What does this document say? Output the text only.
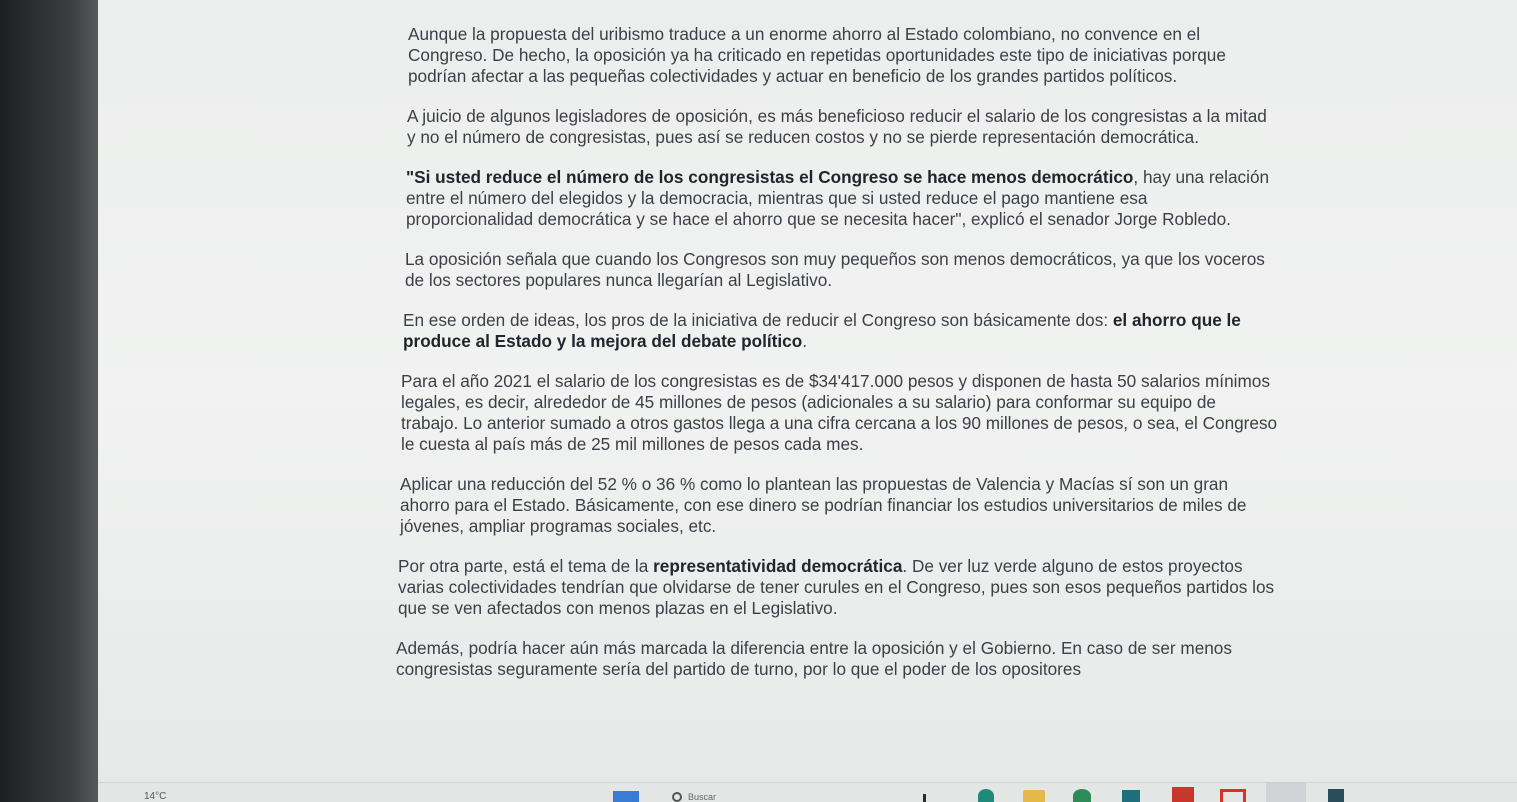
Aunque la propuesta del uribismo traduce a un enorme ahorro al Estado colombiano, no convence en el Congreso. De hecho, la oposición ya ha criticado en repetidas oportunidades este tipo de iniciativas porque podrían afectar a las pequeñas colectividades y actuar en beneficio de los grandes partidos políticos.

A juicio de algunos legisladores de oposición, es más beneficioso reducir el salario de los congresistas a la mitad y no el número de congresistas, pues así se reducen costos y no se pierde representación democrática.

"Si usted reduce el número de los congresistas el Congreso se hace menos democrático, hay una relación entre el número del elegidos y la democracia, mientras que si usted reduce el pago mantiene esa proporcionalidad democrática y se hace el ahorro que se necesita hacer", explicó el senador Jorge Robledo.

La oposición señala que cuando los Congresos son muy pequeños son menos democráticos, ya que los voceros de los sectores populares nunca llegarían al Legislativo.

En ese orden de ideas, los pros de la iniciativa de reducir el Congreso son básicamente dos: el ahorro que le produce al Estado y la mejora del debate político.

Para el año 2021 el salario de los congresistas es de $34'417.000 pesos y disponen de hasta 50 salarios mínimos legales, es decir, alrededor de 45 millones de pesos (adicionales a su salario) para conformar su equipo de trabajo. Lo anterior sumado a otros gastos llega a una cifra cercana a los 90 millones de pesos, o sea, el Congreso le cuesta al país más de 25 mil millones de pesos cada mes.

Aplicar una reducción del 52 % o 36 % como lo plantean las propuestas de Valencia y Macías sí son un gran ahorro para el Estado. Básicamente, con ese dinero se podrían financiar los estudios universitarios de miles de jóvenes, ampliar programas sociales, etc.

Por otra parte, está el tema de la representatividad democrática. De ver luz verde alguno de estos proyectos varias colectividades tendrían que olvidarse de tener curules en el Congreso, pues son esos pequeños partidos los que se ven afectados con menos plazas en el Legislativo.

Además, podría hacer aún más marcada la diferencia entre la oposición y el Gobierno. En caso de ser menos congresistas seguramente sería del partido de turno, por lo que el poder de los opositores

14°C	Buscar
